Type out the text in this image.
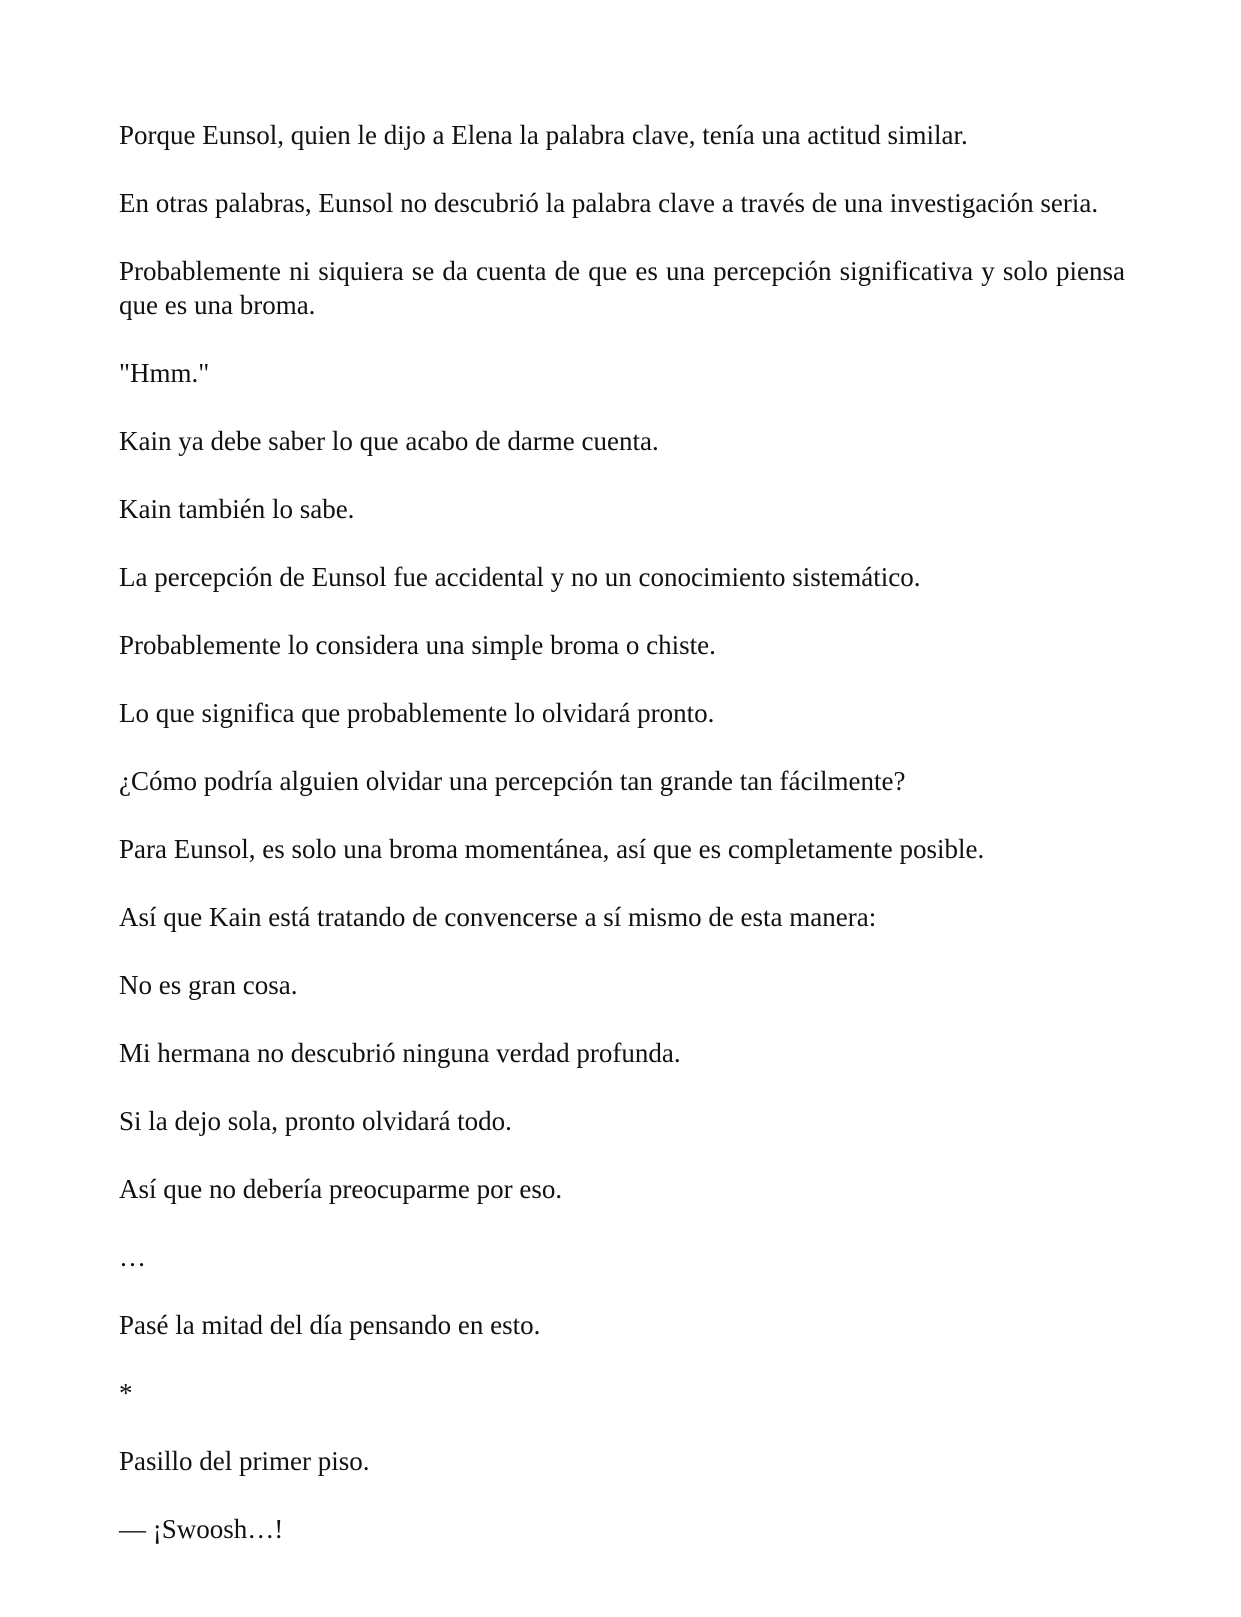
Porque Eunsol, quien le dijo a Elena la palabra clave, tenía una actitud similar.

En otras palabras, Eunsol no descubrió la palabra clave a través de una investigación seria.

Probablemente ni siquiera se da cuenta de que es una percepción significativa y solo piensa que es una broma.

"Hmm."

Kain ya debe saber lo que acabo de darme cuenta.

Kain también lo sabe.

La percepción de Eunsol fue accidental y no un conocimiento sistemático.

Probablemente lo considera una simple broma o chiste.

Lo que significa que probablemente lo olvidará pronto.

¿Cómo podría alguien olvidar una percepción tan grande tan fácilmente?

Para Eunsol, es solo una broma momentánea, así que es completamente posible.

Así que Kain está tratando de convencerse a sí mismo de esta manera:

No es gran cosa.

Mi hermana no descubrió ninguna verdad profunda.

Si la dejo sola, pronto olvidará todo.

Así que no debería preocuparme por eso.

…

Pasé la mitad del día pensando en esto.

*

Pasillo del primer piso.

— ¡Swoosh…!
